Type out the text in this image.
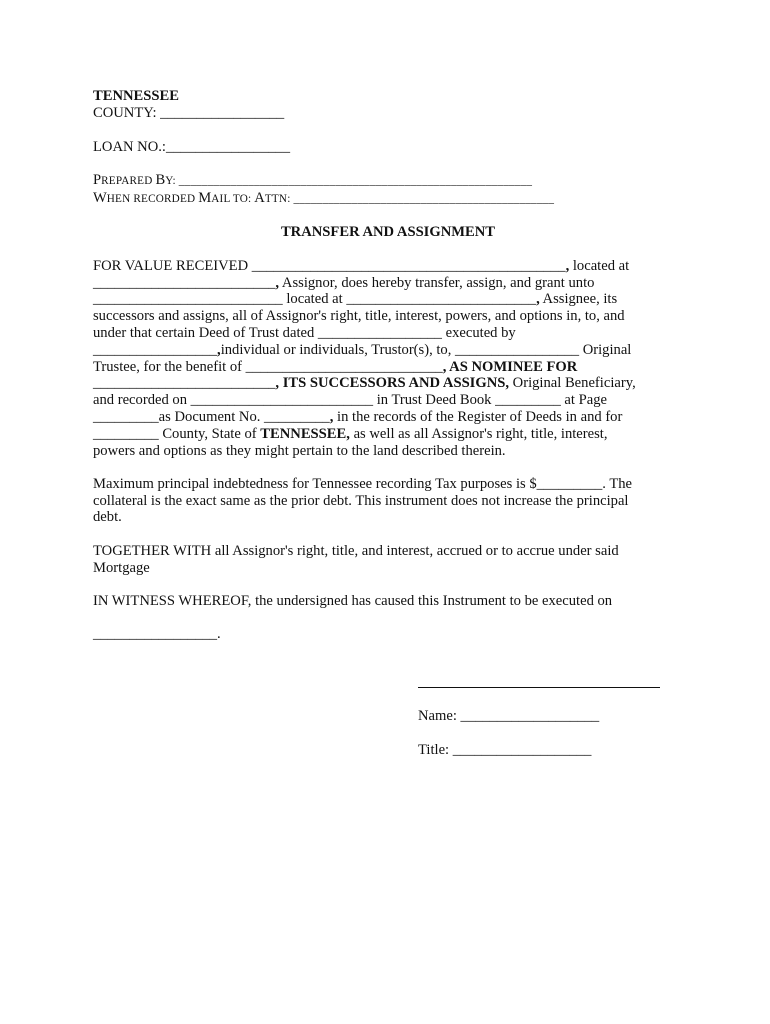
TENNESSEE
COUNTY: _________________
LOAN NO.:_________________
PREPARED BY: _____________________________________________________________
WHEN RECORDED MAIL TO: ATTN: _____________________________________________
TRANSFER AND ASSIGNMENT
FOR VALUE RECEIVED ___________________________________________, located at
_________________________, Assignor, does hereby transfer, assign, and grant unto
__________________________ located at __________________________, Assignee, its
successors and assigns, all of Assignor's right, title, interest, powers, and options in, to, and
under that certain Deed of Trust dated _________________ executed by
_________________,individual or individuals, Trustor(s), to, _________________ Original
Trustee, for the benefit of ___________________________, AS NOMINEE FOR
_________________________, ITS SUCCESSORS AND ASSIGNS, Original Beneficiary,
and recorded on _________________________ in Trust Deed Book _________ at Page
_________as Document No. _________, in the records of the Register of Deeds in and for
_________ County, State of TENNESSEE, as well as all Assignor's right, title, interest,
powers and options as they might pertain to the land described therein.
Maximum principal indebtedness for Tennessee recording Tax purposes is $_________. The
collateral is the exact same as the prior debt. This instrument does not increase the principal
debt.
TOGETHER WITH all Assignor's right, title, and interest, accrued or to accrue under said
Mortgage
IN WITNESS WHEREOF, the undersigned has caused this Instrument to be executed on
_________________.
Name: ___________________
Title: ___________________
